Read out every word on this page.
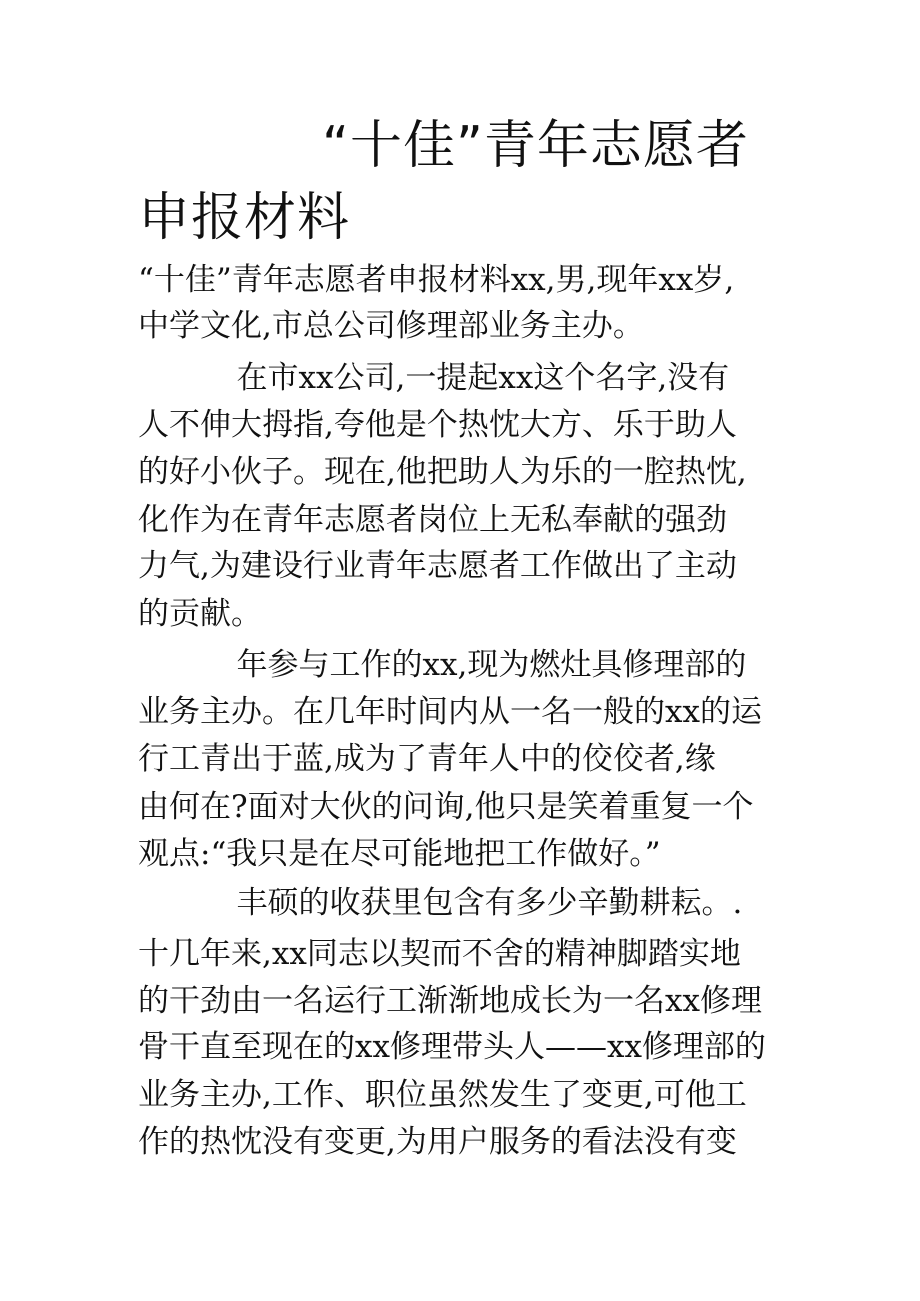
“十佳”青年志愿者
申报材料
“十佳”青年志愿者申报材料xx,男,现年xx岁,
中学文化,市总公司修理部业务主办。
在市xx公司,一提起xx这个名字,没有
人不伸大拇指,夸他是个热忱大方、乐于助人
的好小伙子。现在,他把助人为乐的一腔热忱,
化作为在青年志愿者岗位上无私奉献的强劲
力气,为建设行业青年志愿者工作做出了主动
的贡献。
年参与工作的xx,现为燃灶具修理部的
业务主办。在几年时间内从一名一般的xx的运
行工青出于蓝,成为了青年人中的佼佼者,缘
由何在?面对大伙的问询,他只是笑着重复一个
观点:“我只是在尽可能地把工作做好。”
丰硕的收获里包含有多少辛勤耕耘。.
十几年来,xx同志以契而不舍的精神脚踏实地
的干劲由一名运行工渐渐地成长为一名xx修理
骨干直至现在的xx修理带头人——xx修理部的
业务主办,工作、职位虽然发生了变更,可他工
作的热忱没有变更,为用户服务的看法没有变
